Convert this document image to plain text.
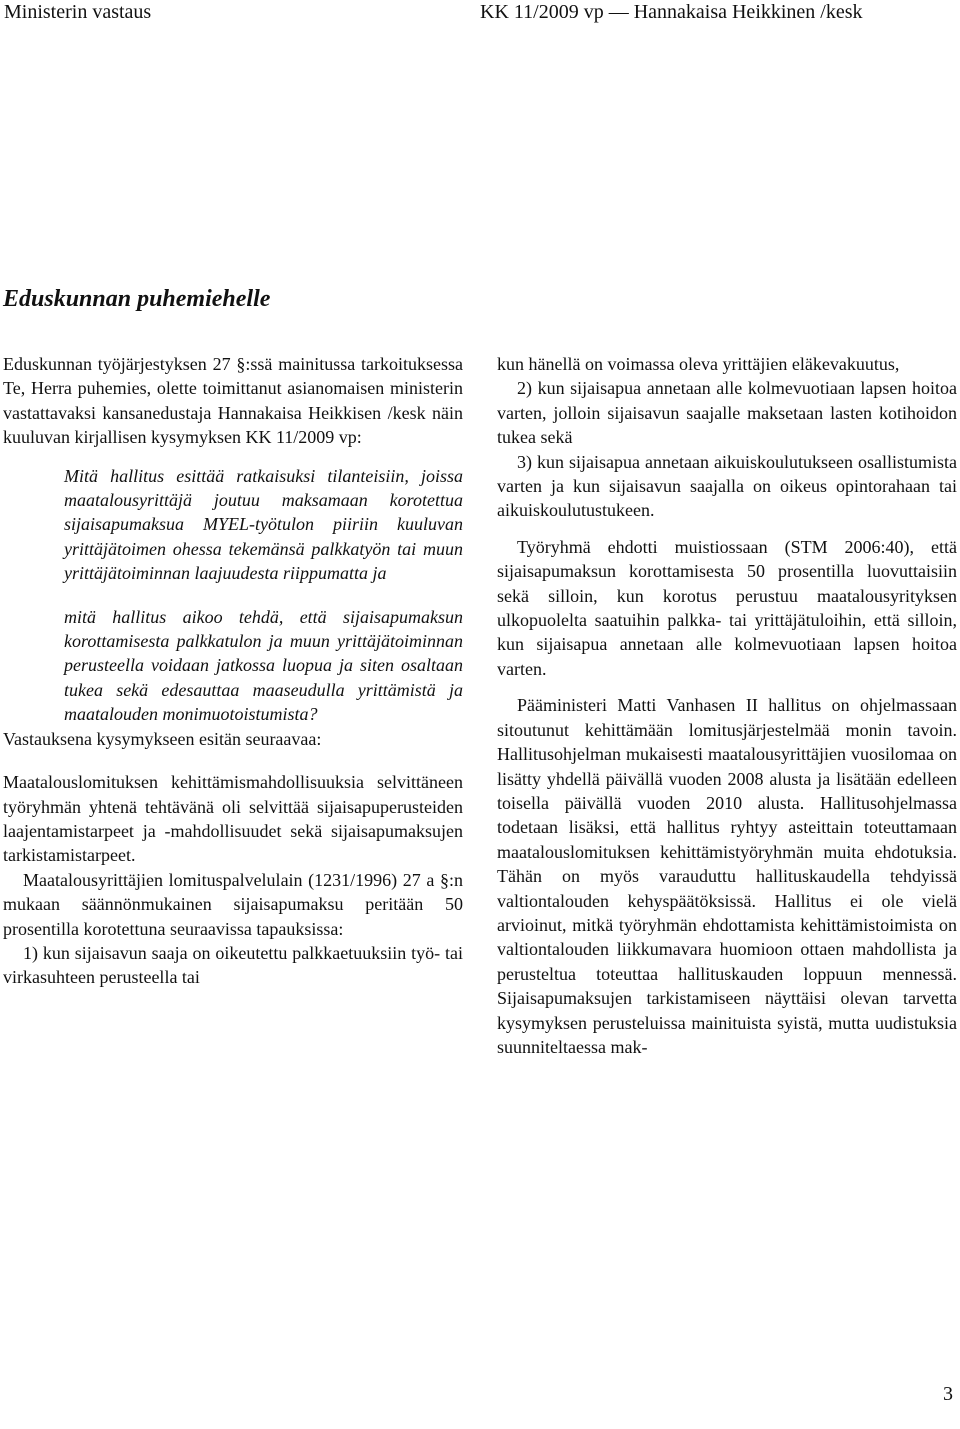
Ministerin vastaus	KK 11/2009 vp — Hannakaisa Heikkinen /kesk
Eduskunnan puhemiehelle

Eduskunnan työjärjestyksen 27 §:ssä mainitussa tarkoituksessa Te, Herra puhemies, olette toimittanut asianomaisen ministerin vastattavaksi kansanedustaja Hannakaisa Heikkisen /kesk näin kuuluvan kirjallisen kysymyksen KK 11/2009 vp:

Mitä hallitus esittää ratkaisuksi tilanteisiin, joissa maatalousyrittäjä joutuu maksamaan korotettua sijaisapumaksua MYEL-työtulon piiriin kuuluvan yrittäjätoimen ohessa tekemänsä palkkatyön tai muun yrittäjätoiminnan laajuudesta riippumatta ja

mitä hallitus aikoo tehdä, että sijaisapumaksun korottamisesta palkkatulon ja muun yrittäjätoiminnan perusteella voidaan jatkossa luopua ja siten osaltaan tukea sekä edesauttaa maaseudulla yrittämistä ja maatalouden monimuotoistumista?

Vastauksena kysymykseen esitän seuraavaa:

Maatalouslomituksen kehittämismahdollisuuksia selvittäneen työryhmän yhtenä tehtävänä oli selvittää sijaisapuperusteiden laajentamistarpeet ja -mahdollisuudet sekä sijaisapumaksujen tarkistamistarpeet.

Maatalousyrittäjien lomituspalvelulain (1231/1996) 27 a §:n mukaan säännönmukainen sijaisapumaksu peritään 50 prosentilla korotettuna seuraavissa tapauksissa:

1) kun sijaisavun saaja on oikeutettu palkkaetuuksiin työ- tai virkasuhteen perusteella tai

kun hänellä on voimassa oleva yrittäjien eläkevakuutus,

2) kun sijaisapua annetaan alle kolmevuotiaan lapsen hoitoa varten, jolloin sijaisavun saajalle maksetaan lasten kotihoidon tukea sekä

3) kun sijaisapua annetaan aikuiskoulutukseen osallistumista varten ja kun sijaisavun saajalla on oikeus opintorahaan tai aikuiskoulutustukeen.

Työryhmä ehdotti muistiossaan (STM 2006:40), että sijaisapumaksun korottamisesta 50 prosentilla luovuttaisiin sekä silloin, kun korotus perustuu maatalousyrityksen ulkopuolelta saatuihin palkka- tai yrittäjätuloihin, että silloin, kun sijaisapua annetaan alle kolmevuotiaan lapsen hoitoa varten.

Pääministeri Matti Vanhasen II hallitus on ohjelmassaan sitoutunut kehittämään lomitusjärjestelmää monin tavoin. Hallitusohjelman mukaisesti maatalousyrittäjien vuosilomaa on lisätty yhdellä päivällä vuoden 2008 alusta ja lisätään edelleen toisella päivällä vuoden 2010 alusta. Hallitusohjelmassa todetaan lisäksi, että hallitus ryhtyy asteittain toteuttamaan maatalouslomituksen kehittämistyöryhmän muita ehdotuksia. Tähän on myös varauduttu hallituskaudella tehdyissä valtiontalouden kehyspäätöksissä. Hallitus ei ole vielä arvioinut, mitkä työryhmän ehdottamista kehittämistoimista on valtiontalouden liikkumavara huomioon ottaen mahdollista ja perusteltua toteuttaa hallituskauden loppuun mennessä. Sijaisapumaksujen tarkistamiseen näyttäisi olevan tarvetta kysymyksen perusteluissa mainituista syistä, mutta uudistuksia suunniteltaessa mak-

3
